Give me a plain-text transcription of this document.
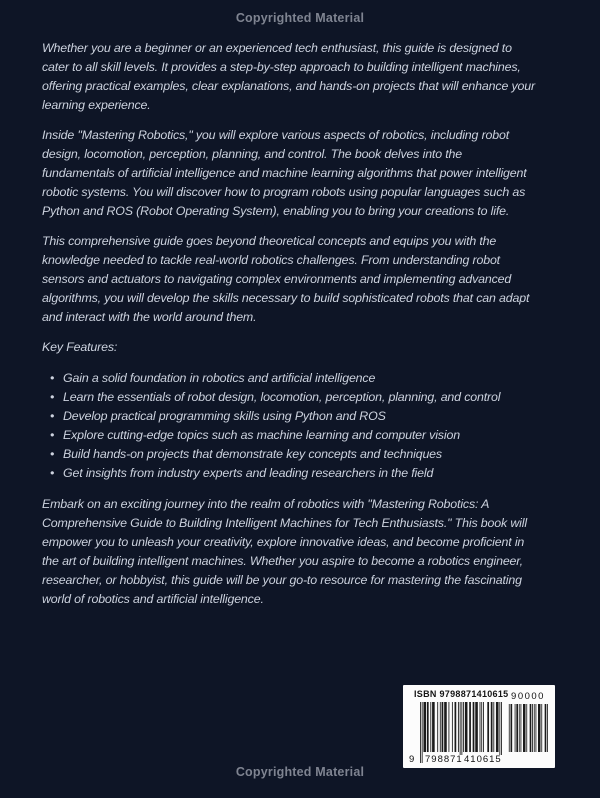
Copyrighted Material

Whether you are a beginner or an experienced tech enthusiast, this guide is designed to cater to all skill levels. It provides a step-by-step approach to building intelligent machines, offering practical examples, clear explanations, and hands-on projects that will enhance your learning experience.

Inside "Mastering Robotics," you will explore various aspects of robotics, including robot design, locomotion, perception, planning, and control. The book delves into the fundamentals of artificial intelligence and machine learning algorithms that power intelligent robotic systems. You will discover how to program robots using popular languages such as Python and ROS (Robot Operating System), enabling you to bring your creations to life.

This comprehensive guide goes beyond theoretical concepts and equips you with the knowledge needed to tackle real-world robotics challenges. From understanding robot sensors and actuators to navigating complex environments and implementing advanced algorithms, you will develop the skills necessary to build sophisticated robots that can adapt and interact with the world around them.

Key Features:

• Gain a solid foundation in robotics and artificial intelligence
• Learn the essentials of robot design, locomotion, perception, planning, and control
• Develop practical programming skills using Python and ROS
• Explore cutting-edge topics such as machine learning and computer vision
• Build hands-on projects that demonstrate key concepts and techniques
• Get insights from industry experts and leading researchers in the field

Embark on an exciting journey into the realm of robotics with "Mastering Robotics: A Comprehensive Guide to Building Intelligent Machines for Tech Enthusiasts." This book will empower you to unleash your creativity, explore innovative ideas, and become proficient in the art of building intelligent machines. Whether you aspire to become a robotics engineer, researcher, or hobbyist, this guide will be your go-to resource for mastering the fascinating world of robotics and artificial intelligence.

ISBN 9798871410615
9 798871 410615
90000
Copyrighted Material
